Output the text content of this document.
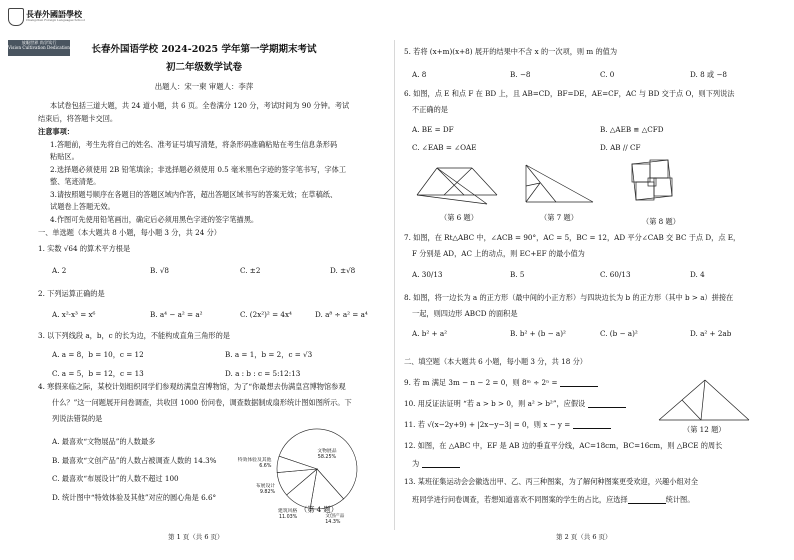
長春外國語學校
Changchun Foreign Languages School
放眼世界 尚学笃行
Vision Cultivation Dedication	长春外国语学校 2024-2025 学年第一学期期末考试
初二年级数学试卷
出题人：宋一柬 审题人：李萍
本试卷包括三道大题，共 24 道小题，共 6 页。全卷满分 120 分，考试时间为 90 分钟。考试
结束后，将答题卡交回。
注意事项：
1.答题前，考生先将自己的姓名、准考证号填写清楚，将条形码准确粘贴在考生信息条形码
粘贴区。
2.选择题必须使用 2B 铅笔填涂；非选择题必须使用 0.5 毫米黑色字迹的签字笔书写，字体工
整、笔迹清楚。
3.请按照题号顺序在各题目的答题区域内作答，超出答题区域书写的答案无效；在草稿纸、
试题卷上答题无效。
4.作图可先使用铅笔画出，确定后必须用黑色字迹的签字笔描黑。
一、单选题（本大题共 8 小题，每小题 3 分，共 24 分）
1. 实数 √64 的算术平方根是
A. 2	B. √8	C. ±2	D. ±√8
2. 下列运算正确的是
A. x²·x³ = x⁶	B. a⁴ − a² = a²	C. (2x²)² = 4x⁴	D. a⁸ ÷ a² = a⁴
3. 以下列线段 a，b，c 的长为边，不能构成直角三角形的是
A. a = 8，b = 10，c = 12	B. a = 1，b = 2，c = √3
C. a = 5，b = 12，c = 13	D. a : b : c = 5:12:13
4. 寒假来临之际，某校计划组织同学们参观纺满皇宫博物馆，为了“你最想去伪满皇宫博物馆参观
什么？”这一问题展开问卷调查，共收回 1000 份问卷，调查数据制成扇形统计图如图所示。下
列说法错误的是
A. 最喜欢“文物展品”的人数最多
B. 最喜欢“文创产品”的人数占被调查人数的 14.3%
C. 最喜欢“布展设计”的人数不超过 100
D. 统计图中“特效体验及其他”对应的圆心角是 6.6°
文物展品
58.25%
文创产品
14.3%
建筑风格
11.03%
布展设计
9.82%
特效体验及其他
6.6%
（第 4 题）
第 1 页（共 6 页）
5. 若将 (x+m)(x+8) 展开的结果中不含 x 的一次项，则 m 的值为
A. 8	B. −8	C. 0	D. 8 或 −8
6. 如图，点 E 和点 F 在 BD 上，且 AB=CD，BF=DE，AE=CF，AC 与 BD 交于点 O，则下列说法
不正确的是
A. BE = DF	B. △AEB ≌ △CFD
C. ∠EAB = ∠OAE	D. AB // CF
（第 6 题）	（第 7 题）	（第 8 题）
7. 如图，在 Rt△ABC 中，∠ACB = 90°，AC = 5，BC = 12，AD 平分∠CAB 交 BC 于点 D，点 E，
F 分别是 AD，AC 上的动点，则 EC+EF 的最小值为
A. 30/13	B. 5	C. 60/13	D. 4
8. 如图，将一边长为 a 的正方形（最中间的小正方形）与四块边长为 b 的正方形（其中 b > a）拼接在
一起，则四边形 ABCD 的面积是
A. b² + a²	B. b² + (b − a)²	C. (b − a)²	D. a² + 2ab
二、填空题（本大题共 6 小题，每小题 3 分，共 18 分）
9. 若 m 满足 3m − n − 2 = 0，则 8ᵐ ÷ 2ⁿ =
10. 用反证法证明 “若 a > b > 0，则 a² > b²”，应假设
11. 若 √(x−2y+9) + |2x−y−3| = 0，则 x − y =
12. 如图，在 △ABC 中，EF 是 AB 边的垂直平分线，AC=18cm，BC=16cm，则 △BCE 的周长
为
（第 12 题）
13. 某班征集运动会会徽选出甲、乙、丙三种图案，为了解何种图案更受欢迎，兴趣小组对全
班同学进行问卷调查，若想知道喜欢不同图案的学生的占比，应选择	统计图。
第 2 页（共 6 页）
